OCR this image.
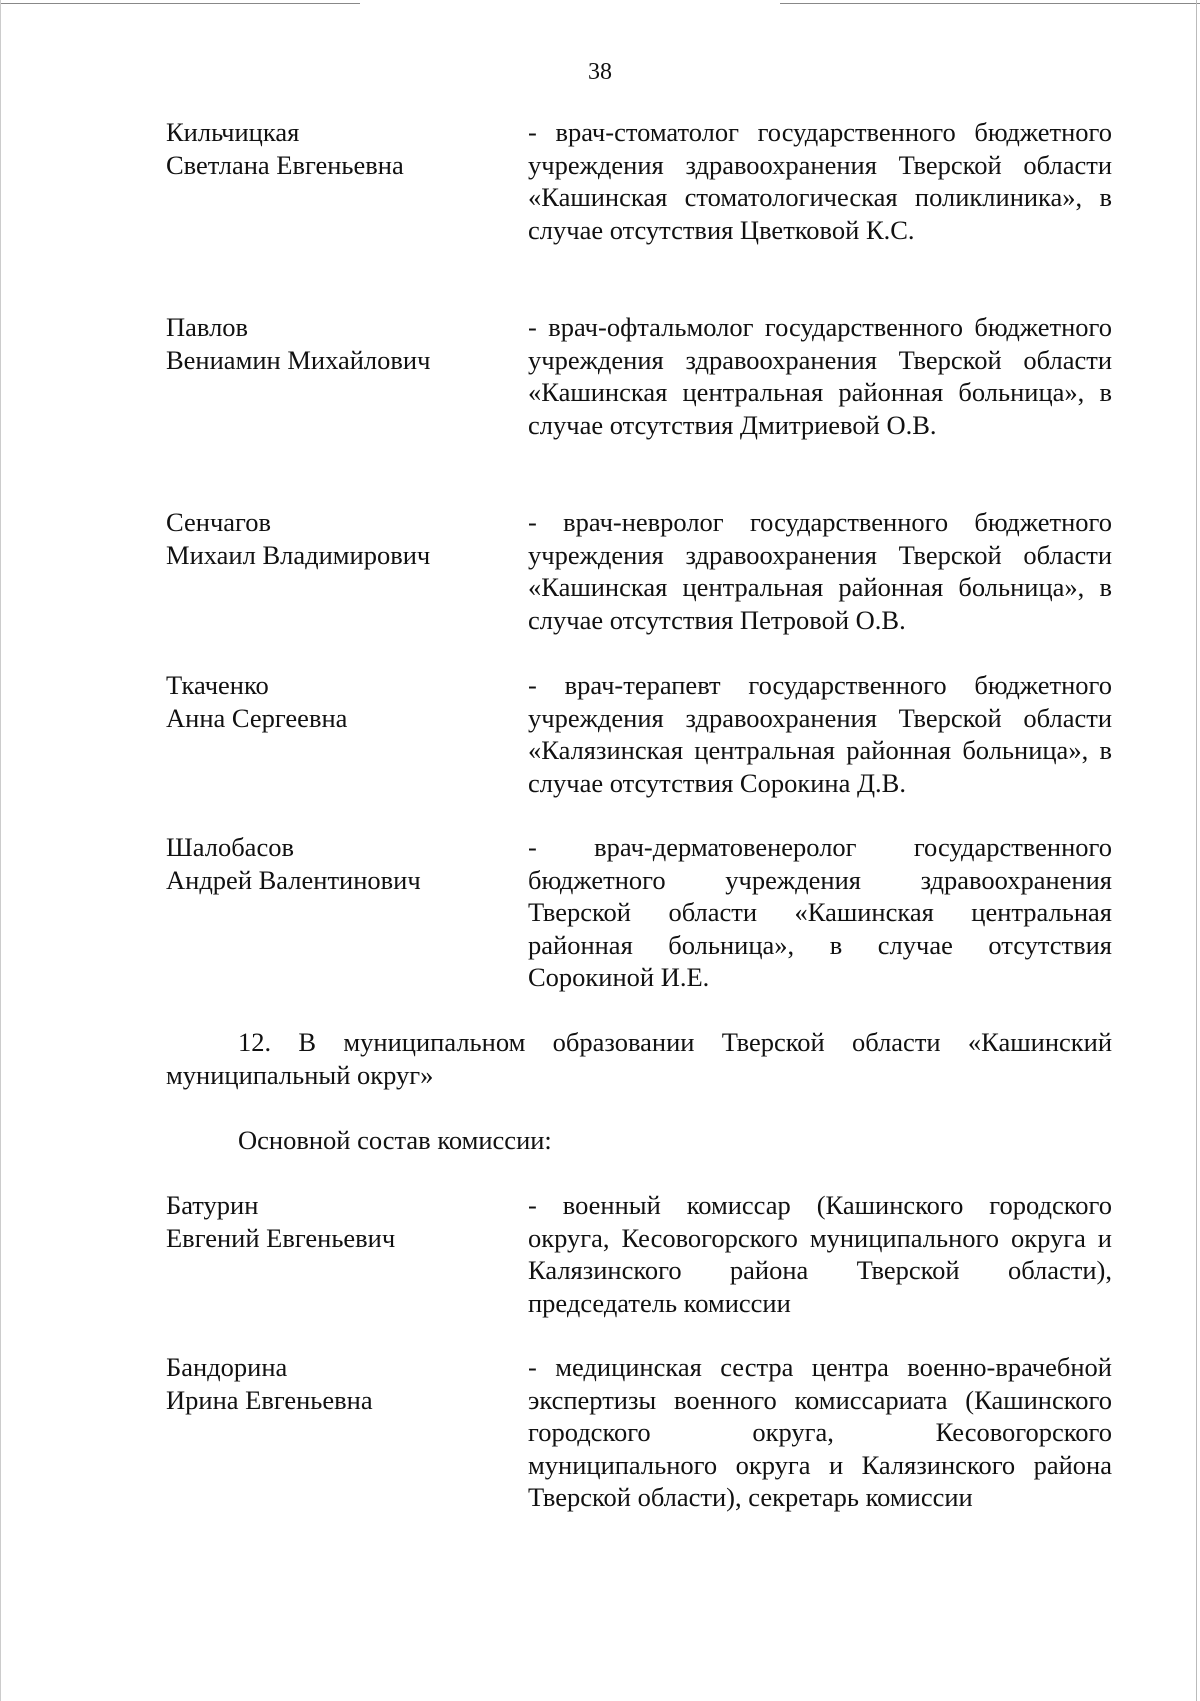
38
Кильчицкая
Светлана Евгеньевна
- врач-стоматолог государственного бюджетного учреждения здравоохранения Тверской области «Кашинская стоматологическая поликлиника», в случае отсутствия Цветковой К.С.
Павлов
Вениамин Михайлович
- врач-офтальмолог государственного бюджетного учреждения здравоохранения Тверской области «Кашинская центральная районная больница», в случае отсутствия Дмитриевой О.В.
Сенчагов
Михаил Владимирович
- врач-невролог государственного бюджетного учреждения здравоохранения Тверской области «Кашинская центральная районная больница», в случае отсутствия Петровой О.В.
Ткаченко
Анна Сергеевна
- врач-терапевт государственного бюджетного учреждения здравоохранения Тверской области «Калязинская центральная районная больница», в случае отсутствия Сорокина Д.В.
Шалобасов
Андрей Валентинович
- врач-дерматовенеролог государственного бюджетного учреждения здравоохранения Тверской области «Кашинская центральная районная больница», в случае отсутствия Сорокиной И.Е.
12. В муниципальном образовании Тверской области «Кашинский муниципальный округ»
Основной состав комиссии:
Батурин
Евгений Евгеньевич
- военный комиссар (Кашинского городского округа, Кесовогорского муниципального округа и Калязинского района Тверской области), председатель комиссии
Бандорина
Ирина Евгеньевна
- медицинская сестра центра военно-врачебной экспертизы военного комиссариата (Кашинского городского округа, Кесовогорского муниципального округа и Калязинского района Тверской области), секретарь комиссии
